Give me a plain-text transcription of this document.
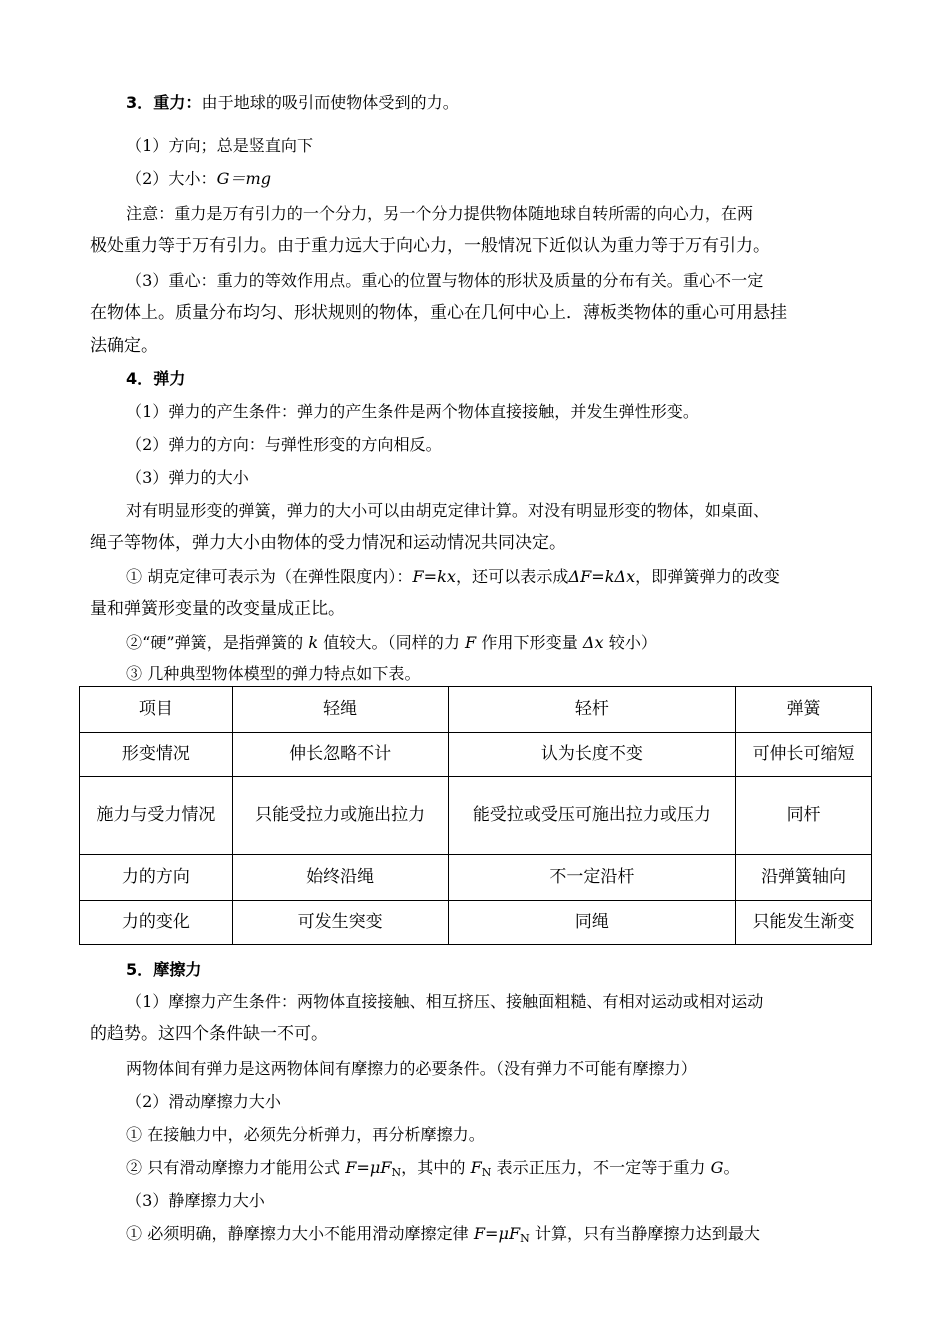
3．重力：由于地球的吸引而使物体受到的力。
（1）方向；总是竖直向下
（2）大小：G＝mg
注意：重力是万有引力的一个分力，另一个分力提供物体随地球自转所需的向心力，在两
极处重力等于万有引力。由于重力远大于向心力，一般情况下近似认为重力等于万有引力。
（3）重心：重力的等效作用点。重心的位置与物体的形状及质量的分布有关。重心不一定
在物体上。质量分布均匀、形状规则的物体，重心在几何中心上．薄板类物体的重心可用悬挂
法确定。
4．弹力
（1）弹力的产生条件：弹力的产生条件是两个物体直接接触，并发生弹性形变。
（2）弹力的方向：与弹性形变的方向相反。
（3）弹力的大小
对有明显形变的弹簧，弹力的大小可以由胡克定律计算。对没有明显形变的物体，如桌面、
绳子等物体，弹力大小由物体的受力情况和运动情况共同决定。
① 胡克定律可表示为（在弹性限度内）：F=kx，还可以表示成ΔF=kΔx，即弹簧弹力的改变
量和弹簧形变量的改变量成正比。
②“硬”弹簧，是指弹簧的 k 值较大。（同样的力 F 作用下形变量 Δx 较小）
③ 几种典型物体模型的弹力特点如下表。
项目	轻绳	轻杆	弹簧
形变情况	伸长忽略不计	认为长度不变	可伸长可缩短
施力与受力情况	只能受拉力或施出拉力	能受拉或受压可施出拉力或压力	同杆
力的方向	始终沿绳	不一定沿杆	沿弹簧轴向
力的变化	可发生突变	同绳	只能发生渐变
5．摩擦力
（1）摩擦力产生条件：两物体直接接触、相互挤压、接触面粗糙、有相对运动或相对运动
的趋势。这四个条件缺一不可。
两物体间有弹力是这两物体间有摩擦力的必要条件。（没有弹力不可能有摩擦力）
（2）滑动摩擦力大小
① 在接触力中，必须先分析弹力，再分析摩擦力。
② 只有滑动摩擦力才能用公式 $F=\mu F_N$，其中的 $F_N$ 表示正压力，不一定等于重力 G。
（3）静摩擦力大小
① 必须明确，静摩擦力大小不能用滑动摩擦定律 $F=\mu F_N$ 计算，只有当静摩擦力达到最大
